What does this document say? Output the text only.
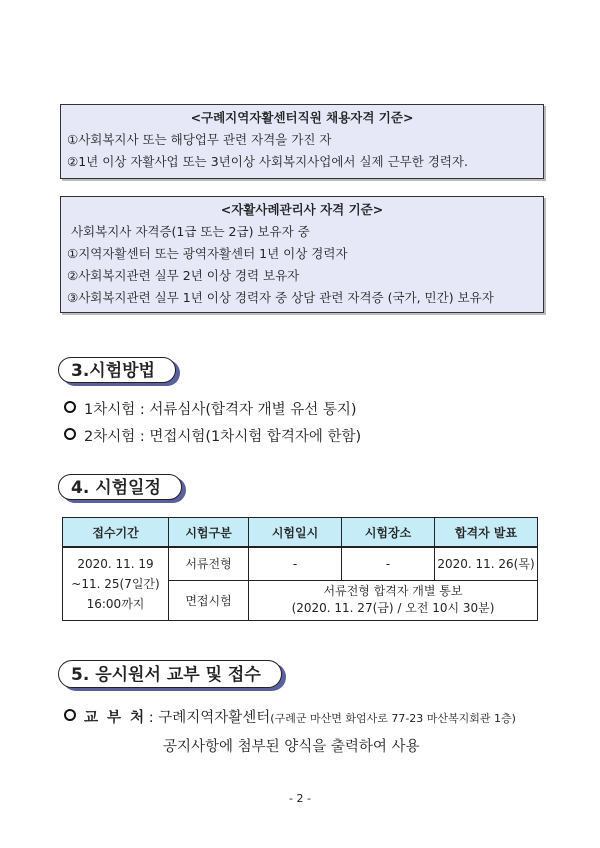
<구례지역자활센터직원 채용자격 기준>
①사회복지사 또는 해당업무 관련 자격을 가진 자
②1년 이상 자활사업 또는 3년이상 사회복지사업에서 실제 근무한 경력자.
<자활사례관리사 자격 기준>
사회복지사 자격증(1급 또는 2급) 보유자 중
①지역자활센터 또는 광역자활센터 1년 이상 경력자
②사회복지관련 실무 2년 이상 경력 보유자
③사회복지관련 실무 1년 이상 경력자 중 상담 관련 자격증 (국가, 민간) 보유자
3.시험방법
1차시험 : 서류심사(합격자 개별 유선 통지)
2차시험 : 면접시험(1차시험 합격자에 한함)
4. 시험일정
접수기간	시험구분	시험일시	시험장소	합격자 발표

2020. 11. 19
~11. 25(7일간)
16:00까지	서류전형	-	-	2020. 11. 26(목)
	면접시험	서류전형 합격자 개별 통보
(2020. 11. 27(금) / 오전 10시 30분)		
5. 응시원서 교부 및 접수
교 부 처 : 구례지역자활센터(구례군 마산면 화엄사로 77-23 마산복지회관 1층)
공지사항에 첨부된 양식을 출력하여 사용
- 2 -
